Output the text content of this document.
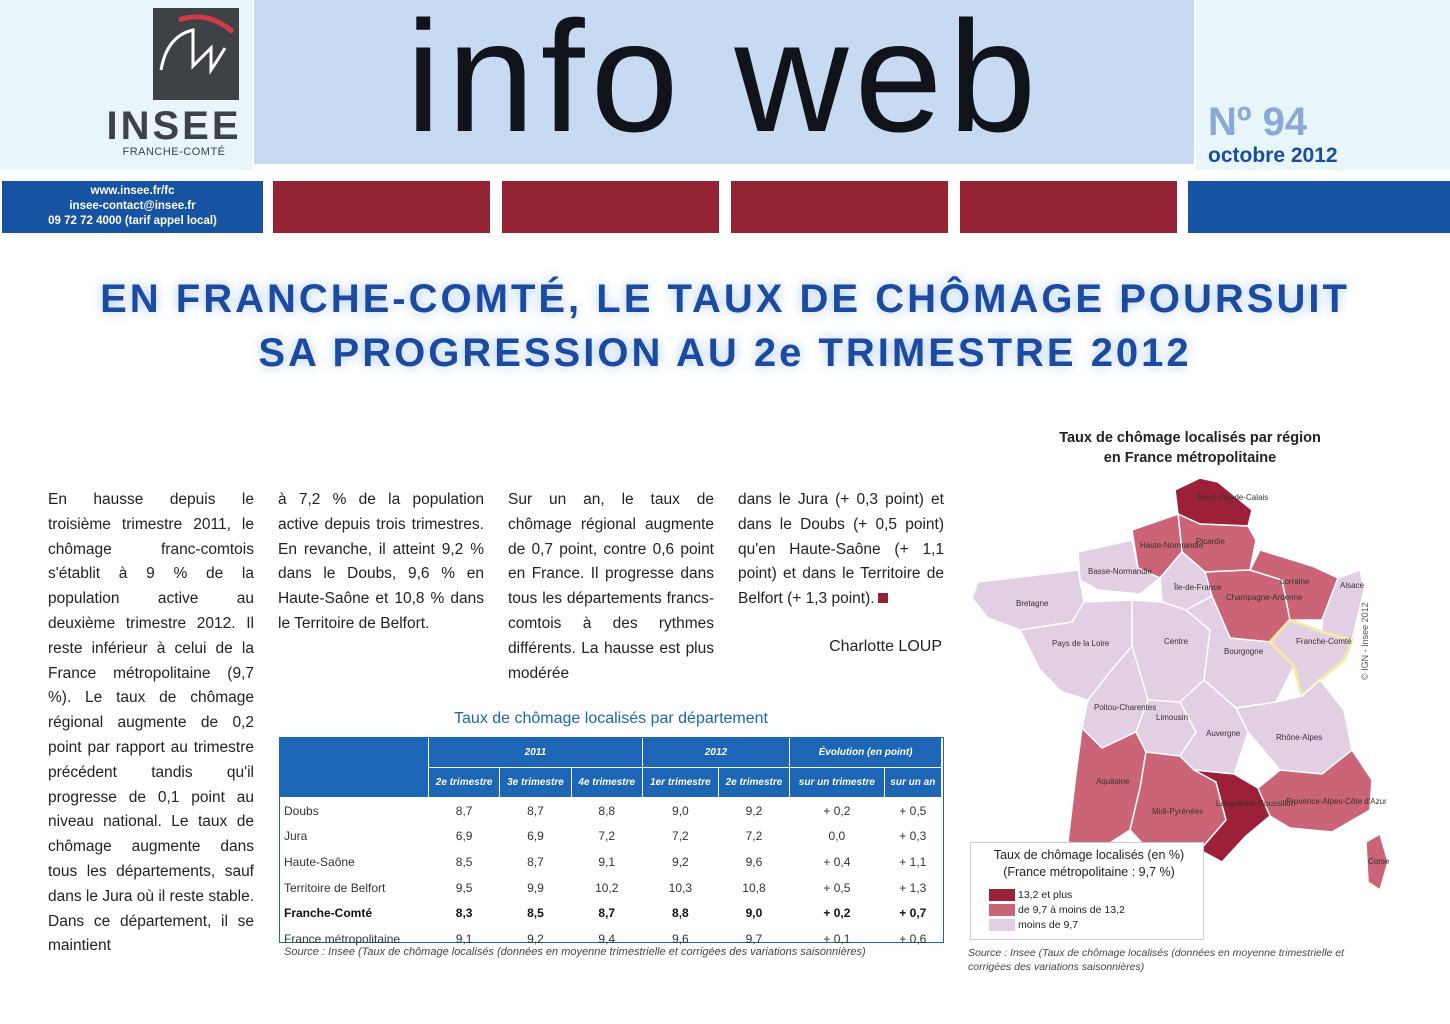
INSEE
FRANCHE-COMTÉ	info web	Nº 94
octobre 2012
www.insee.fr/fc
insee-contact@insee.fr
09 72 72 4000 (tarif appel local)
EN FRANCHE-COMTÉ, LE TAUX DE CHÔMAGE POURSUIT
SA PROGRESSION AU 2e TRIMESTRE 2012
En hausse depuis le troisième trimestre 2011, le chômage franc-comtois s'établit à 9 % de la population active au deuxième trimestre 2012. Il reste inférieur à celui de la France métropolitaine (9,7 %). Le taux de chômage régional augmente de 0,2 point par rapport au trimestre précédent tandis qu'il progresse de 0,1 point au niveau national. Le taux de chômage augmente dans tous les départements, sauf dans le Jura où il reste stable. Dans ce département, il se maintient
à 7,2 % de la population active depuis trois trimestres. En revanche, il atteint 9,2 % dans le Doubs, 9,6 % en Haute-Saône et 10,8 % dans le Territoire de Belfort.
Sur un an, le taux de chômage régional augmente de 0,7 point, contre 0,6 point en France. Il progresse dans tous les départements francs-comtois à des rythmes différents. La hausse est plus modérée
dans le Jura (+ 0,3 point) et dans le Doubs (+ 0,5 point) qu'en Haute-Saône (+ 1,1 point) et dans le Territoire de Belfort (+ 1,3 point).
Charlotte LOUP
Taux de chômage localisés par département
	2011			2012		Évolution (en point)	
	2e trimestre	3e trimestre	4e trimestre	1er trimestre	2e trimestre	sur un trimestre	sur un an
Doubs	8,7	8,7	8,8	9,0	9,2	+ 0,2	+ 0,5
Jura	6,9	6,9	7,2	7,2	7,2	0,0	+ 0,3
Haute-Saône	8,5	8,7	9,1	9,2	9,6	+ 0,4	+ 1,1
Territoire de Belfort	9,5	9,9	10,2	10,3	10,8	+ 0,5	+ 1,3
Franche-Comté	8,3	8,5	8,7	8,8	9,0	+ 0,2	+ 0,7
France métropolitaine	9,1	9,2	9,4	9,6	9,7	+ 0,1	+ 0,6
Source : Insee (Taux de chômage localisés (données en moyenne trimestrielle et corrigées des variations saisonnières)
Taux de chômage localisés par région
en France métropolitaine
Nord-Pas-de-Calais
Haute-Normandie
Picardie
Basse-Normandie
Île-de-France
Champagne-Ardenne
Lorraine	Alsace
Bretagne
Pays de la Loire	Centre
Bourgogne
Franche-Comté
Poitou-Charentes
Limousin
Auvergne	Rhône-Alpes
Aquitaine
Midi-Pyrénées
Languedoc-Roussillon
Provence-Alpes-Côte d'Azur
Corse
© IGN - Insee 2012
Taux de chômage localisés (en %)
(France métropolitaine : 9,7 %)
13,2 et plus
de 9,7 à moins de 13,2
moins de 9,7
Source : Insee (Taux de chômage localisés (données en moyenne trimestrielle et corrigées des variations saisonnières)
